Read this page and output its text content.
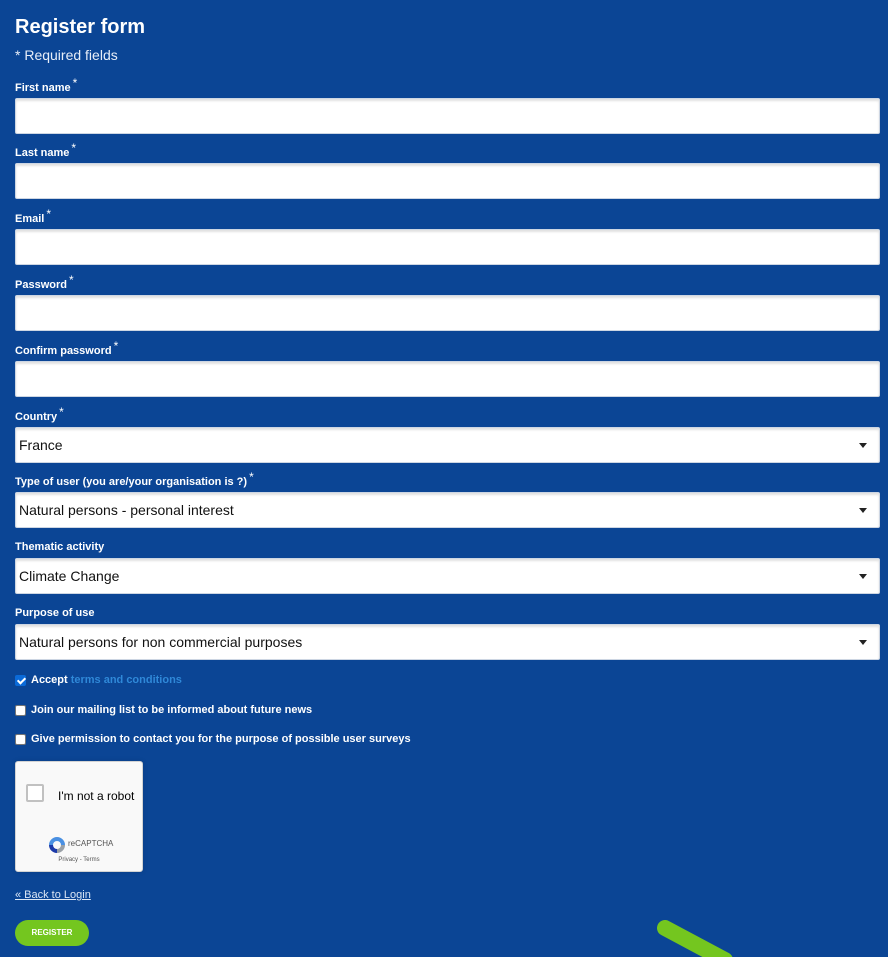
Register form
* Required fields
First name *
Last name *
Email *
Password *
Confirm password *
Country *
France
Type of user (you are/your organisation is ?) *
Natural persons - personal interest
Thematic activity
Climate Change
Purpose of use
Natural persons for non commercial purposes
Accept terms and conditions
Join our mailing list to be informed about future news
Give permission to contact you for the purpose of possible user surveys
I'm not a robot
reCAPTCHA
Privacy - Terms
« Back to Login
REGISTER
